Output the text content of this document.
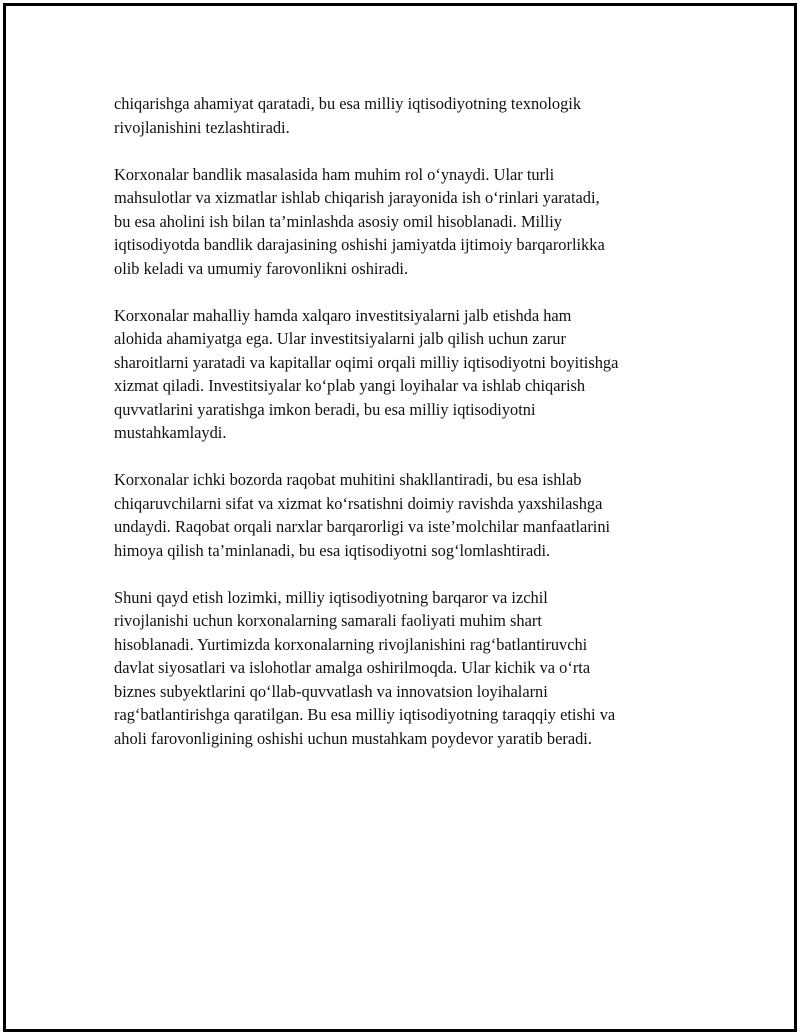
chiqarishga ahamiyat qaratadi, bu esa milliy iqtisodiyotning texnologik
rivojlanishini tezlashtiradi.

Korxonalar bandlik masalasida ham muhim rol o‘ynaydi. Ular turli
mahsulotlar va xizmatlar ishlab chiqarish jarayonida ish o‘rinlari yaratadi,
bu esa aholini ish bilan ta’minlashda asosiy omil hisoblanadi. Milliy
iqtisodiyotda bandlik darajasining oshishi jamiyatda ijtimoiy barqarorlikka
olib keladi va umumiy farovonlikni oshiradi.

Korxonalar mahalliy hamda xalqaro investitsiyalarni jalb etishda ham
alohida ahamiyatga ega. Ular investitsiyalarni jalb qilish uchun zarur
sharoitlarni yaratadi va kapitallar oqimi orqali milliy iqtisodiyotni boyitishga
xizmat qiladi. Investitsiyalar ko‘plab yangi loyihalar va ishlab chiqarish
quvvatlarini yaratishga imkon beradi, bu esa milliy iqtisodiyotni
mustahkamlaydi.

Korxonalar ichki bozorda raqobat muhitini shakllantiradi, bu esa ishlab
chiqaruvchilarni sifat va xizmat ko‘rsatishni doimiy ravishda yaxshilashga
undaydi. Raqobat orqali narxlar barqarorligi va iste’molchilar manfaatlarini
himoya qilish ta’minlanadi, bu esa iqtisodiyotni sog‘lomlashtiradi.

Shuni qayd etish lozimki, milliy iqtisodiyotning barqaror va izchil
rivojlanishi uchun korxonalarning samarali faoliyati muhim shart
hisoblanadi. Yurtimizda korxonalarning rivojlanishini rag‘batlantiruvchi
davlat siyosatlari va islohotlar amalga oshirilmoqda. Ular kichik va o‘rta
biznes subyektlarini qo‘llab-quvvatlash va innovatsion loyihalarni
rag‘batlantirishga qaratilgan. Bu esa milliy iqtisodiyotning taraqqiy etishi va
aholi farovonligining oshishi uchun mustahkam poydevor yaratib beradi.
